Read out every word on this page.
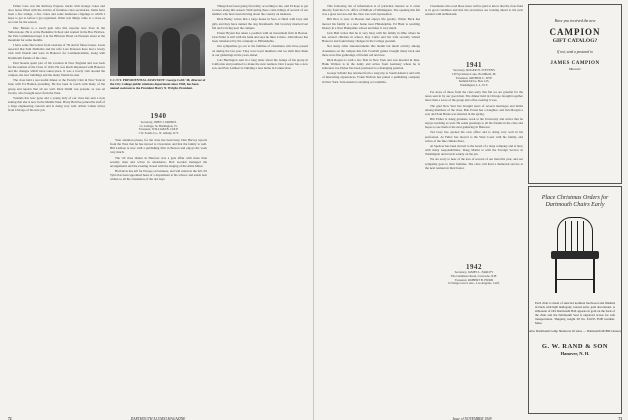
Father Cass was the Railway Express trucks with strange crates and door boxes filled with the articles of furniture class secretaries. Items have been a few strings, a few crates and some numerous clippings to which I hope to get to before I get organized. Other real things came to a close as we read for the season.

Mac Barnes is a swell gent who this reporter now lives in the Yellowstone. He is at the Berkshire School and wanted in the Bar. Hollace, the Yale Commission kept it in the Hillcrest Hotel on Pleasant street at the mountain for some months.

I have some fine letters from veterans of '39 and in future issues. Louis reported that Sam Zimbalist and his wife Lois Peterson have had a lovely visit with friends and were in Hanover for Commencement, along with Dartmouth friends of the class.

Paul Stearns spent part of his vacation in New England and was back for the reunion of the Class of 1916. He was much impressed with Hanover and the changes which have taken place. It was a lovely visit around the campus, the new buildings and the many friends he met.

The class held a successful dinner at the Faculty Club in New York in June with Ed Hanlon presiding. He has been in touch with many of the group and reports that all are well. Dick Smith was present, as was Al Jacobs, who brought news from the West.

Yolande has now gone and a young lady of our class has sent a note stating that she is now in the Middle West. Harry Bell has joined the staff of a large engineering concern and is doing very well. Albert Cohen writes from Chicago of his new job.

C.C.N.Y. PRESIDENTIAL ASSISTANT: George Cobb '48, director of the City College public relations department since 1948, has been named assistant to the President Harry N. Wright, President.
1940
Secretary, JOHN J. MONKS
c/o College, St. Burlington, Vt.
Treasurer, WILLIAM B. COLE
1 W. Fonda Co., N. Albany, N.Y.

Your attention please, for the class has been busy. Dan Harvey reports from the West that he has moved to Cleveland, and that the family is well. Bill Lathrop is now with a publishing firm in Boston and enjoys his work very much.

The '20 class dinner in Hanover was a gala affair with more than seventy men and wives in attendance. Bob Gordon managed the arrangements and the evening closed with the singing of the Alma Mater.

Hal Davis has left for Europe on business, and will return in the fall. Ed Tyler has been appointed head of a department at his school, and sends best wishes to all his classmates of the old days.

Things have been going favorably, according to me, and I'd hope to get to news along this season. With spring there come tidings of several of our number who have been moving about the country on business.

Dick Bailey writes that a large house in Saco is filled with boys and girls and they have named the dog Dartmouth. Jim Crowley married last fall and is living near the campus.

Ernest Bryant has taken a position with an investment firm in Boston. Jack Fuller is still with the bank and says he likes it there. John Moore has been transferred by the company to Philadelphia.

Our sympathies go out to the families of classmates who have passed on during the last year. They were loyal members and we shall miss them at our gatherings in the years ahead.

Carl Harrington sent in a long letter about the doings of his group in California and promised to make the next reunion. Don Cooper has a new son, and Pete Lambert is building a new home in Connecticut.

72	DARTMOUTH ALUMNI MAGAZINE

This following list of information is of particular interest as it came directly from the U.S. office of DuPont of Wilmington. The opening this fall was a great success and the class was well represented.

Bill Rice is now in Boston and enjoys life greatly. Walter Beck has moved his family to a new home near Philadelphia. Ed Hunt is teaching history in a New Hampshire school and likes it very much.

Jack Hall writes that he is very busy with his family in Ohio where he has several children in school. Ray Curtis and his wife recently visited Hanover and found many changes in the College grounds.

Not many other announcements this month but much activity among classmates on the campus this fall. Football games brought many back and there were fine gatherings of friends old and new.

Dick Rogers is with a law firm in New York and was married in June. Hank Wallace is in the Army and writes from Germany where he is stationed. Joe Parker has been promoted to a managing position.

George Schultz has returned from a long trip to South America and tells of interesting experiences. Frank Nichols has joined a publishing company in New York. Tom Austin is studying at Columbia.

Classmates who read these notes will be glad to know that the class fund is in good condition and that the secretaries are looking ahead to the next reunion with enthusiasm.

1941
Secretary, ROGER H. STEVENS
139 Sycamore Lane, Northfield, Ill.
Treasurer, ARTHUR C. DYE
Summit Drive, Box 125,
Washington, L.I., N.Y.

For news of those from the class early this fall we are grateful for the notes sent in by our good men. The dinner held in Chicago brought together more than a score of the group and a fine evening it was.

The glad New Year has brought news of several marriages and births among members of the class. Bob Evans has a daughter, and Jim Morgan a son; and Paul Burns was married in the spring.

Bill Fisher is doing graduate work at the University and writes that he enjoys teaching as well. He sends greetings to all his friends in the class and hopes to see them at the next gathering in Hanover.

Ted Gray has opened his own office and is doing very well in his profession. Al Fuller has moved to the West Coast with his family, and writes of the fine climate there.

Al Spencer has been elected to the board of a large company and is busy with many responsibilities. Doug Martin is with the Foreign Service in Washington and travels widely on the job.

We are sorry to hear of the loss of several of our men this year, and our sympathy goes to their families. The class will hold a memorial service at the next reunion in their honor.

1942
Secretary, JAMES L. FARLEY
The Glenmore Road, Concorde, N.H.
Treasurer, ROBERT B. HURD
9 Orange Grove Ave., Los Angeles, Calif.
Have you received the new
CAMPION
GIFT CATALOG?
If not, send a postcard to
JAMES CAMPION
Hanover
Place Christmas Orders for Dartmouth Chairs Early
Each chair is made of selected northern hardwood and finished in black with light mahogany colored arms, gold decorations. A silhouette of Old Dartmouth Hall appears in gold on the back of the chair and the Dartmouth Seal is engraved across for safe transportation. Shipping weight 28 lbs. $19.95 FOB Gardner, Mass.
Also Dartmouth Lamp Shades in all sizes — Dartmouth McBill Glasses
G. W. RAND & SON
Hanover, N. H.
Issue of NOVEMBER 1949	73
